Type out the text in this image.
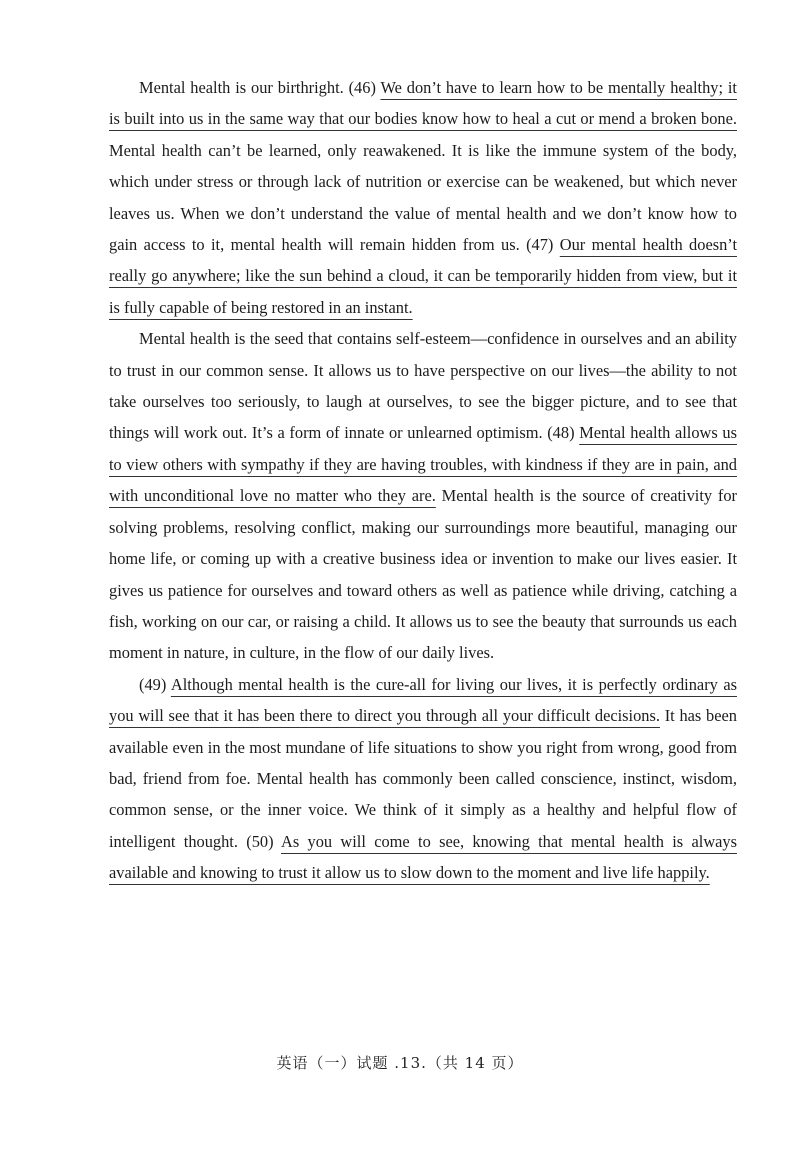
Mental health is our birthright. (46) We don’t have to learn how to be mentally healthy; it is built into us in the same way that our bodies know how to heal a cut or mend a broken bone. Mental health can’t be learned, only reawakened. It is like the immune system of the body, which under stress or through lack of nutrition or exercise can be weakened, but which never leaves us. When we don’t understand the value of mental health and we don’t know how to gain access to it, mental health will remain hidden from us. (47) Our mental health doesn’t really go anywhere; like the sun behind a cloud, it can be temporarily hidden from view, but it is fully capable of being restored in an instant.

Mental health is the seed that contains self-esteem—confidence in ourselves and an ability to trust in our common sense. It allows us to have perspective on our lives—the ability to not take ourselves too seriously, to laugh at ourselves, to see the bigger picture, and to see that things will work out. It’s a form of innate or unlearned optimism. (48) Mental health allows us to view others with sympathy if they are having troubles, with kindness if they are in pain, and with unconditional love no matter who they are. Mental health is the source of creativity for solving problems, resolving conflict, making our surroundings more beautiful, managing our home life, or coming up with a creative business idea or invention to make our lives easier. It gives us patience for ourselves and toward others as well as patience while driving, catching a fish, working on our car, or raising a child. It allows us to see the beauty that surrounds us each moment in nature, in culture, in the flow of our daily lives.

(49) Although mental health is the cure-all for living our lives, it is perfectly ordinary as you will see that it has been there to direct you through all your difficult decisions. It has been available even in the most mundane of life situations to show you right from wrong, good from bad, friend from foe. Mental health has commonly been called conscience, instinct, wisdom, common sense, or the inner voice. We think of it simply as a healthy and helpful flow of intelligent thought. (50) As you will come to see, knowing that mental health is always available and knowing to trust it allow us to slow down to the moment and live life happily.

英语（一）试题 .13.（共 14 页）
